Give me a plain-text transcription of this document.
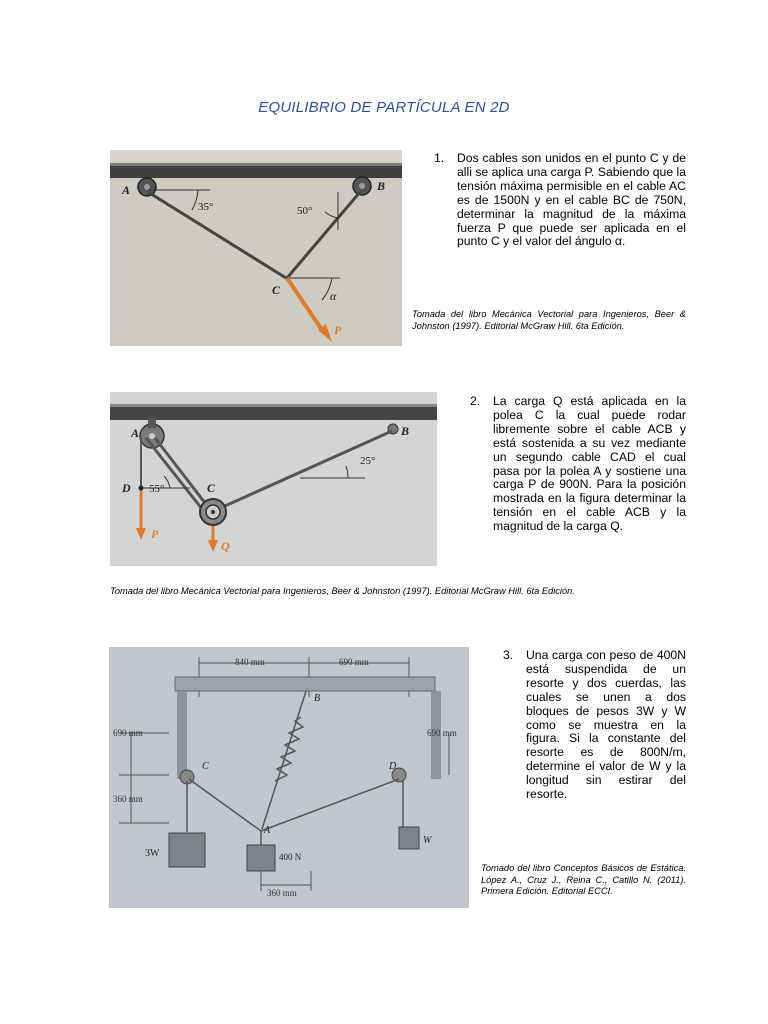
EQUILIBRIO DE PARTÍCULA EN 2D
A	B
C
35°	50°
α
P
1. Dos cables son unidos en el punto C y de alli se aplica una carga P. Sabiendo que la tensión máxima permisible en el cable AC es de 1500N y en el cable BC de 750N, determinar la magnitud de la máxima fuerza P que puede ser aplicada en el punto C y el valor del ángulo α.
Tomada del libro Mecánica Vectorial para Ingenieros, Beer & Johnston (1997). Editorial McGraw Hill. 6ta Edición.
A	B
C
D 55°
25°
P
Q
2. La carga Q está aplicada en la polea C la cual puede rodar libremente sobre el cable ACB y está sostenida a su vez mediante un segundo cable CAD el cual pasa por la polea A y sostiene una carga P de 900N. Para la posición mostrada en la figura determinar la tensión en el cable ACB y la magnitud de la carga Q.
Tomada del libro Mecánica Vectorial para Ingenieros, Beer & Johnston (1997). Editorial McGraw Hill. 6ta Edición.
840 mm	690 mm
690 mm	690 mm
360 mm
360 mm
A
B
C	D
3W	400 N
W
3. Una carga con peso de 400N está suspendida de un resorte y dos cuerdas, las cuales se unen a dos bloques de pesos 3W y W como se muestra en la figura. Si la constante del resorte es de 800N/m, determine el valor de W y la longitud sin estirar del resorte.
Tomado del libro Conceptos Básicos de Estática. López A., Cruz J., Reina C., Catillo N. (2011). Primera Edición. Editorial ECCI.
